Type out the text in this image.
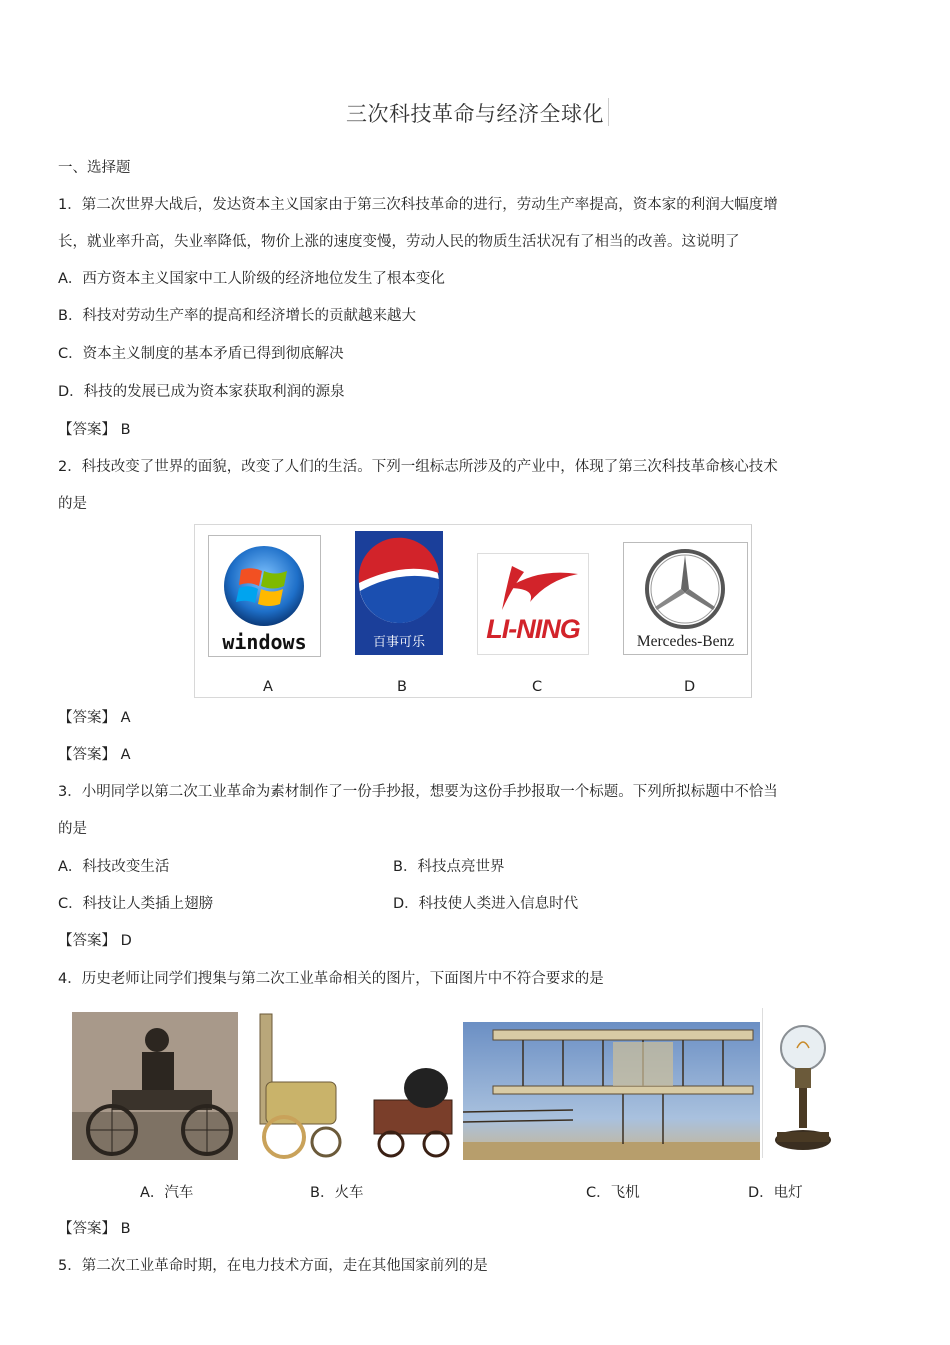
三次科技革命与经济全球化
一、选择题
1．第二次世界大战后，发达资本主义国家由于第三次科技革命的进行，劳动生产率提高，资本家的利润大幅度增
长，就业率升高，失业率降低，物价上涨的速度变慢，劳动人民的物质生活状况有了相当的改善。这说明了
A．西方资本主义国家中工人阶级的经济地位发生了根本变化
B．科技对劳动生产率的提高和经济增长的贡献越来越大
C．资本主义制度的基本矛盾已得到彻底解决
D．科技的发展已成为资本家获取利润的源泉
【答案】 B
2．科技改变了世界的面貌，改变了人们的生活。下列一组标志所涉及的产业中，体现了第三次科技革命核心技术
的是
windows	百事可乐	LI-NING	Mercedes-Benz
A	B	C	D
【答案】 A
【答案】 A
3．小明同学以第二次工业革命为素材制作了一份手抄报，想要为这份手抄报取一个标题。下列所拟标题中不恰当
的是
A．科技改变生活	B．科技点亮世界
C．科技让人类插上翅膀	D．科技使人类进入信息时代
【答案】 D
4．历史老师让同学们搜集与第二次工业革命相关的图片，下面图片中不符合要求的是
A．汽车	B．火车	C．飞机	D．电灯
【答案】 B
5．第二次工业革命时期，在电力技术方面，走在其他国家前列的是
